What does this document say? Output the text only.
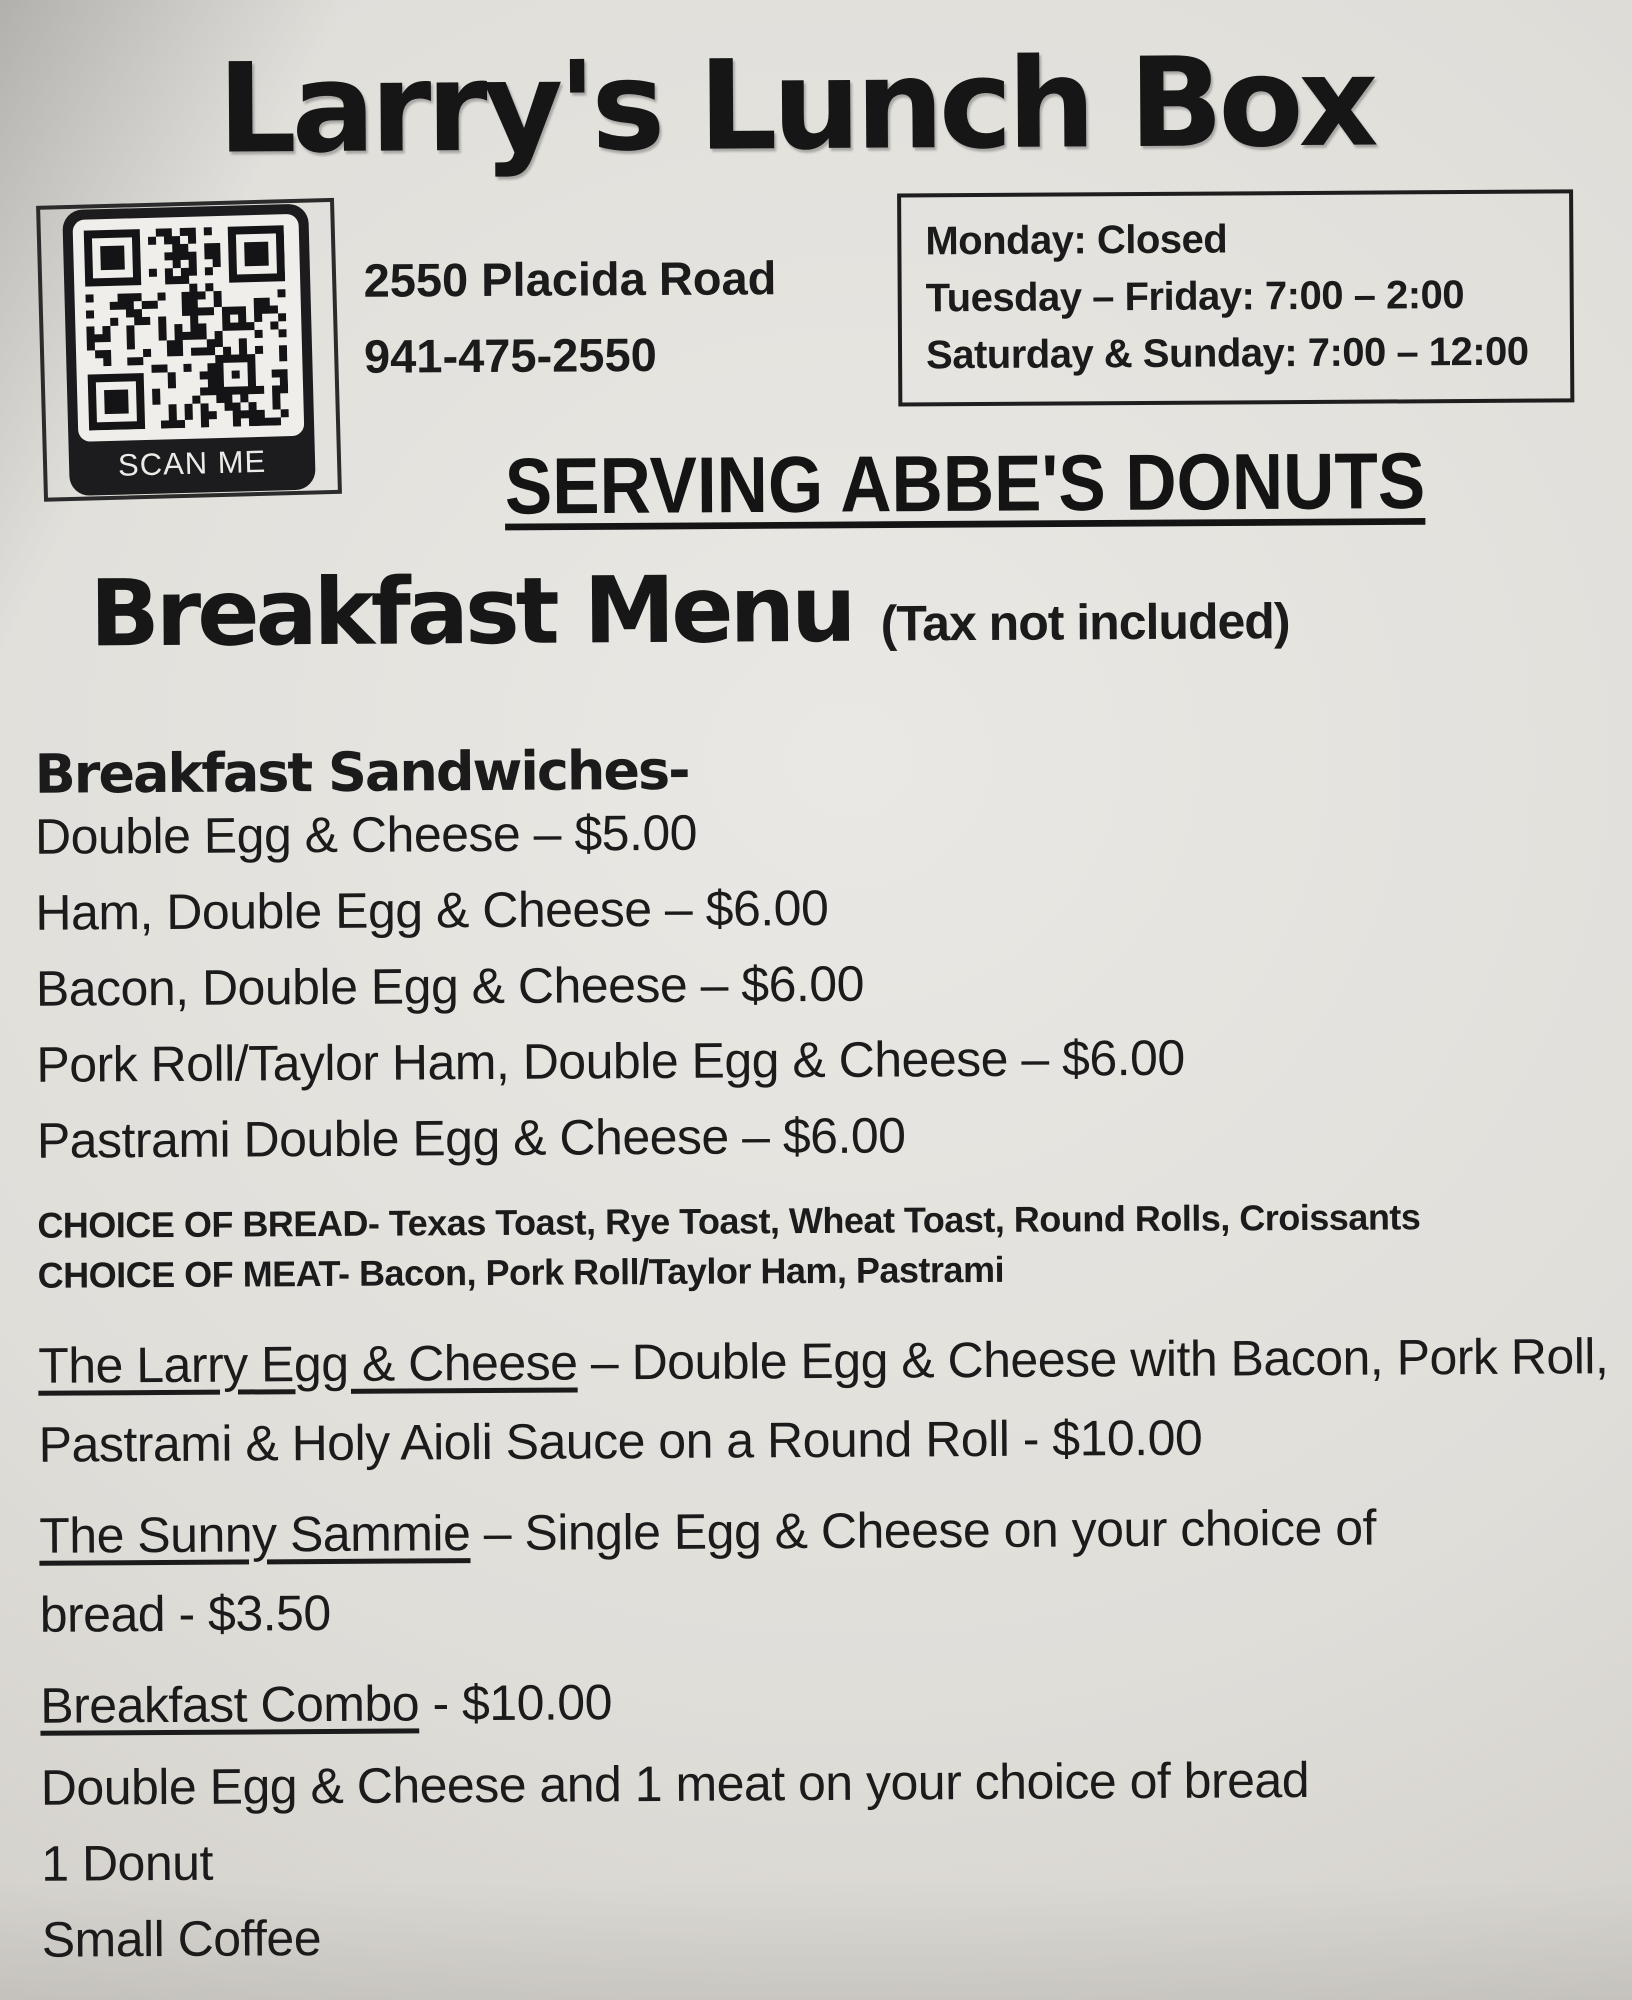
Larry's Lunch Box
SCAN ME
2550 Placida Road
941-475-2550
Monday: Closed
Tuesday – Friday: 7:00 – 2:00
Saturday & Sunday: 7:00 – 12:00
SERVING ABBE'S DONUTS
Breakfast Menu (Tax not included)
Breakfast Sandwiches-
Double Egg & Cheese – $5.00
Ham, Double Egg & Cheese – $6.00
Bacon, Double Egg & Cheese – $6.00
Pork Roll/Taylor Ham, Double Egg & Cheese – $6.00
Pastrami Double Egg & Cheese – $6.00
CHOICE OF BREAD- Texas Toast, Rye Toast, Wheat Toast, Round Rolls, Croissants
CHOICE OF MEAT- Bacon, Pork Roll/Taylor Ham, Pastrami
The Larry Egg & Cheese – Double Egg & Cheese with Bacon, Pork Roll, Pastrami & Holy Aioli Sauce on a Round Roll - $10.00
The Sunny Sammie – Single Egg & Cheese on your choice of bread - $3.50
Breakfast Combo - $10.00
Double Egg & Cheese and 1 meat on your choice of bread
1 Donut
Small Coffee
